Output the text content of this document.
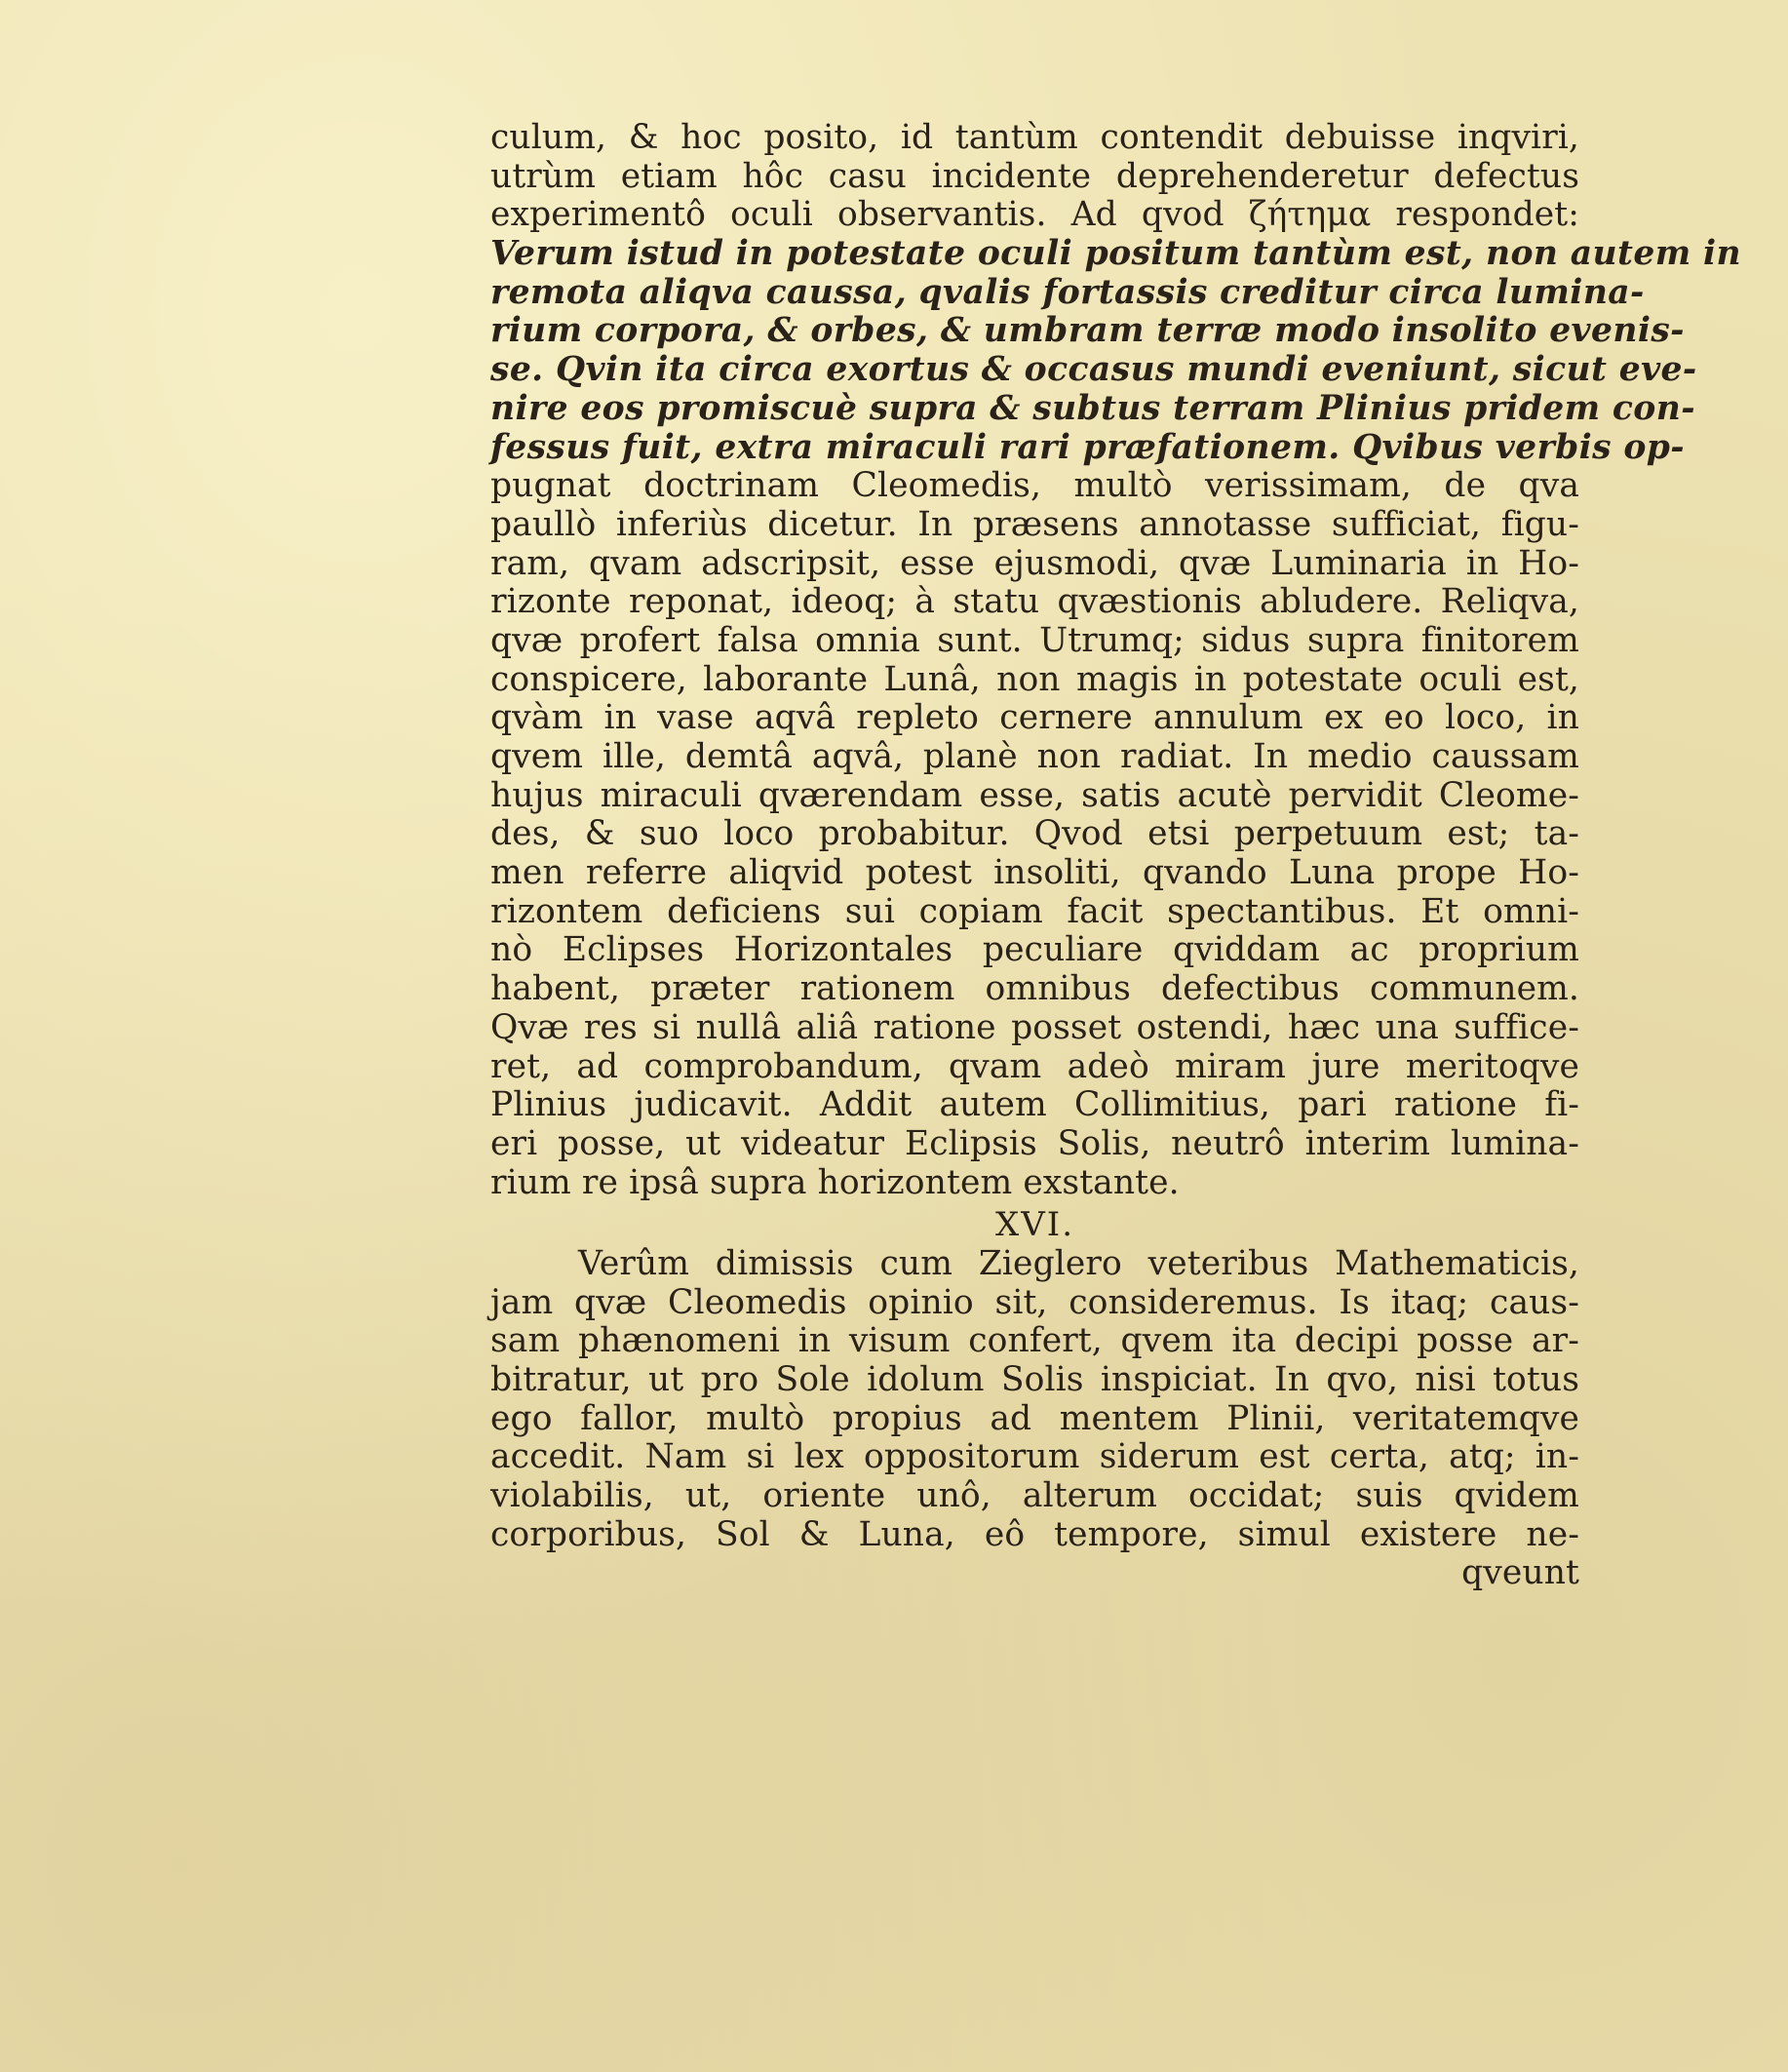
culum, & hoc posito, id tantùm contendit debuisse inqviri,
utrùm etiam hôc casu incidente deprehenderetur defectus
experimentô oculi observantis. Ad qvod ζήτημα respondet:
Verum istud in potestate oculi positum tantùm est, non autem in
remota aliqva caussa, qvalis fortassis creditur circa lumina-
rium corpora, & orbes, & umbram terræ modo insolito evenis-
se. Qvin ita circa exortus & occasus mundi eveniunt, sicut eve-
nire eos promiscuè supra & subtus terram Plinius pridem con-
fessus fuit, extra miraculi rari præfationem. Qvibus verbis op-
pugnat doctrinam Cleomedis, multò verissimam, de qva
paullò inferiùs dicetur. In præsens annotasse sufficiat, figu-
ram, qvam adscripsit, esse ejusmodi, qvæ Luminaria in Ho-
rizonte reponat, ideoq; à statu qvæstionis abludere. Reliqva,
qvæ profert falsa omnia sunt. Utrumq; sidus supra finitorem
conspicere, laborante Lunâ, non magis in potestate oculi est,
qvàm in vase aqvâ repleto cernere annulum ex eo loco, in
qvem ille, demtâ aqvâ, planè non radiat. In medio caussam
hujus miraculi qværendam esse, satis acutè pervidit Cleome-
des, & suo loco probabitur. Qvod etsi perpetuum est; ta-
men referre aliqvid potest insoliti, qvando Luna prope Ho-
rizontem deficiens sui copiam facit spectantibus. Et omni-
nò Eclipses Horizontales peculiare qviddam ac proprium
habent, præter rationem omnibus defectibus communem.
Qvæ res si nullâ aliâ ratione posset ostendi, hæc una suffice-
ret, ad comprobandum, qvam adeò miram jure meritoqve
Plinius judicavit. Addit autem Collimitius, pari ratione fi-
eri posse, ut videatur Eclipsis Solis, neutrô interim lumina-
rium re ipsâ supra horizontem exstante.
XVI.
Verûm dimissis cum Zieglero veteribus Mathematicis,
jam qvæ Cleomedis opinio sit, consideremus. Is itaq; caus-
sam phænomeni in visum confert, qvem ita decipi posse ar-
bitratur, ut pro Sole idolum Solis inspiciat. In qvo, nisi totus
ego fallor, multò propius ad mentem Plinii, veritatemqve
accedit. Nam si lex oppositorum siderum est certa, atq; in-
violabilis, ut, oriente unô, alterum occidat; suis qvidem
corporibus, Sol & Luna, eô tempore, simul existere ne-
qveunt
